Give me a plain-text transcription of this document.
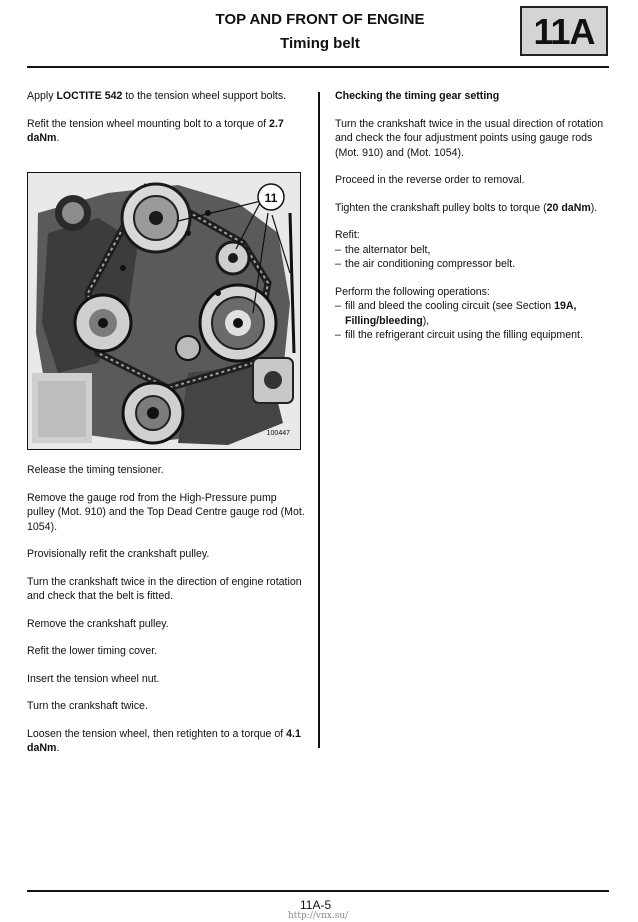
TOP AND FRONT OF ENGINE
Timing belt	11A

Apply LOCTITE 542 to the tension wheel support bolts.

Refit the tension wheel mounting bolt to a torque of 2.7 daNm.

11
100447

Release the timing tensioner.

Remove the gauge rod from the High-Pressure pump pulley (Mot. 910) and the Top Dead Centre gauge rod (Mot. 1054).

Provisionally refit the crankshaft pulley.

Turn the crankshaft twice in the direction of engine rotation and check that the belt is fitted.

Remove the crankshaft pulley.

Refit the lower timing cover.

Insert the tension wheel nut.

Turn the crankshaft twice.

Loosen the tension wheel, then retighten to a torque of 4.1 daNm.

Checking the timing gear setting

Turn the crankshaft twice in the usual direction of rotation and check the four adjustment points using gauge rods (Mot. 910) and (Mot. 1054).

Proceed in the reverse order to removal.

Tighten the crankshaft pulley bolts to torque (20 daNm).

Refit:
– the alternator belt,
– the air conditioning compressor belt.
Perform the following operations:
– fill and bleed the cooling circuit (see Section 19A, Filling/bleeding),
– fill the refrigerant circuit using the filling equipment.
11A-5
http://vnx.su/
